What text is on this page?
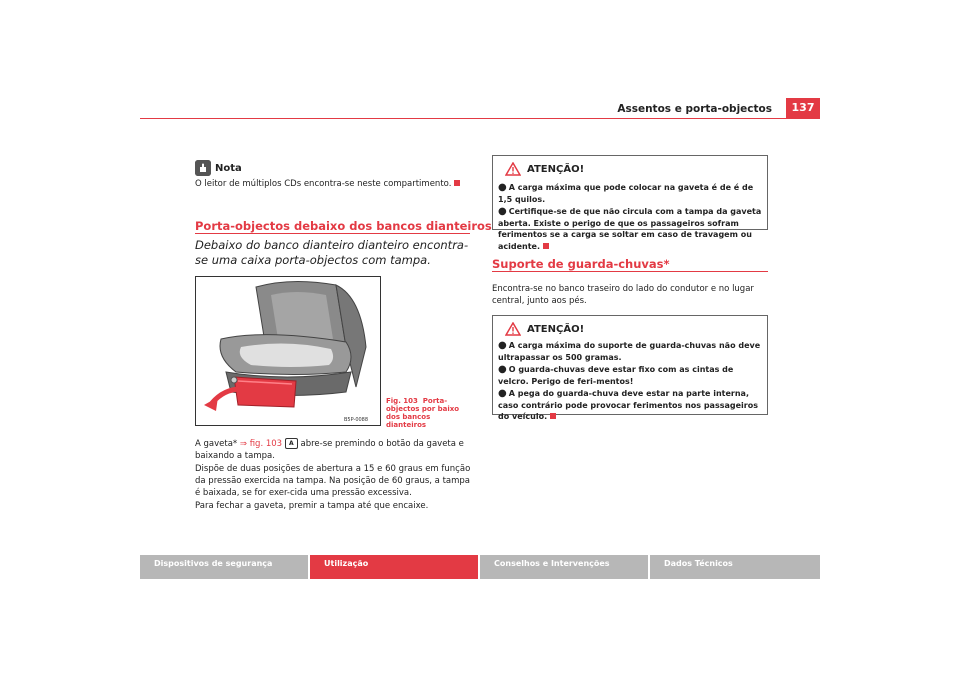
Assentos e porta-objectos	137
Nota
O leitor de múltiplos CDs encontra-se neste compartimento.
Porta-objectos debaixo dos bancos dianteiros
Debaixo do banco dianteiro dianteiro encontra-se uma caixa porta-objectos com tampa.
B5P-0088
Fig. 103 Porta-objectos por baixo dos bancos dianteiros
A gaveta* ⇒ fig. 103 A abre-se premindo o botão da gaveta e baixando a tampa.
Dispõe de duas posições de abertura a 15 e 60 graus em função da pressão exercida na tampa. Na posição de 60 graus, a tampa é baixada, se for exer-cida uma pressão excessiva.
Para fechar a gaveta, premir a tampa até que encaixe.
ATENÇÃO!
● A carga máxima que pode colocar na gaveta é de é de 1,5 quilos.
● Certifique-se de que não circula com a tampa da gaveta aberta. Existe o perigo de que os passageiros sofram ferimentos se a carga se soltar em caso de travagem ou acidente.
Suporte de guarda-chuvas*
Encontra-se no banco traseiro do lado do condutor e no lugar central, junto aos pés.
ATENÇÃO!
● A carga máxima do suporte de guarda-chuvas não deve ultrapassar os 500 gramas.
● O guarda-chuvas deve estar fixo com as cintas de velcro. Perigo de feri-mentos!
● A pega do guarda-chuva deve estar na parte interna, caso contrário pode provocar ferimentos nos passageiros do veículo.
Dispositivos de segurança	Utilização	Conselhos e Intervenções	Dados Técnicos
